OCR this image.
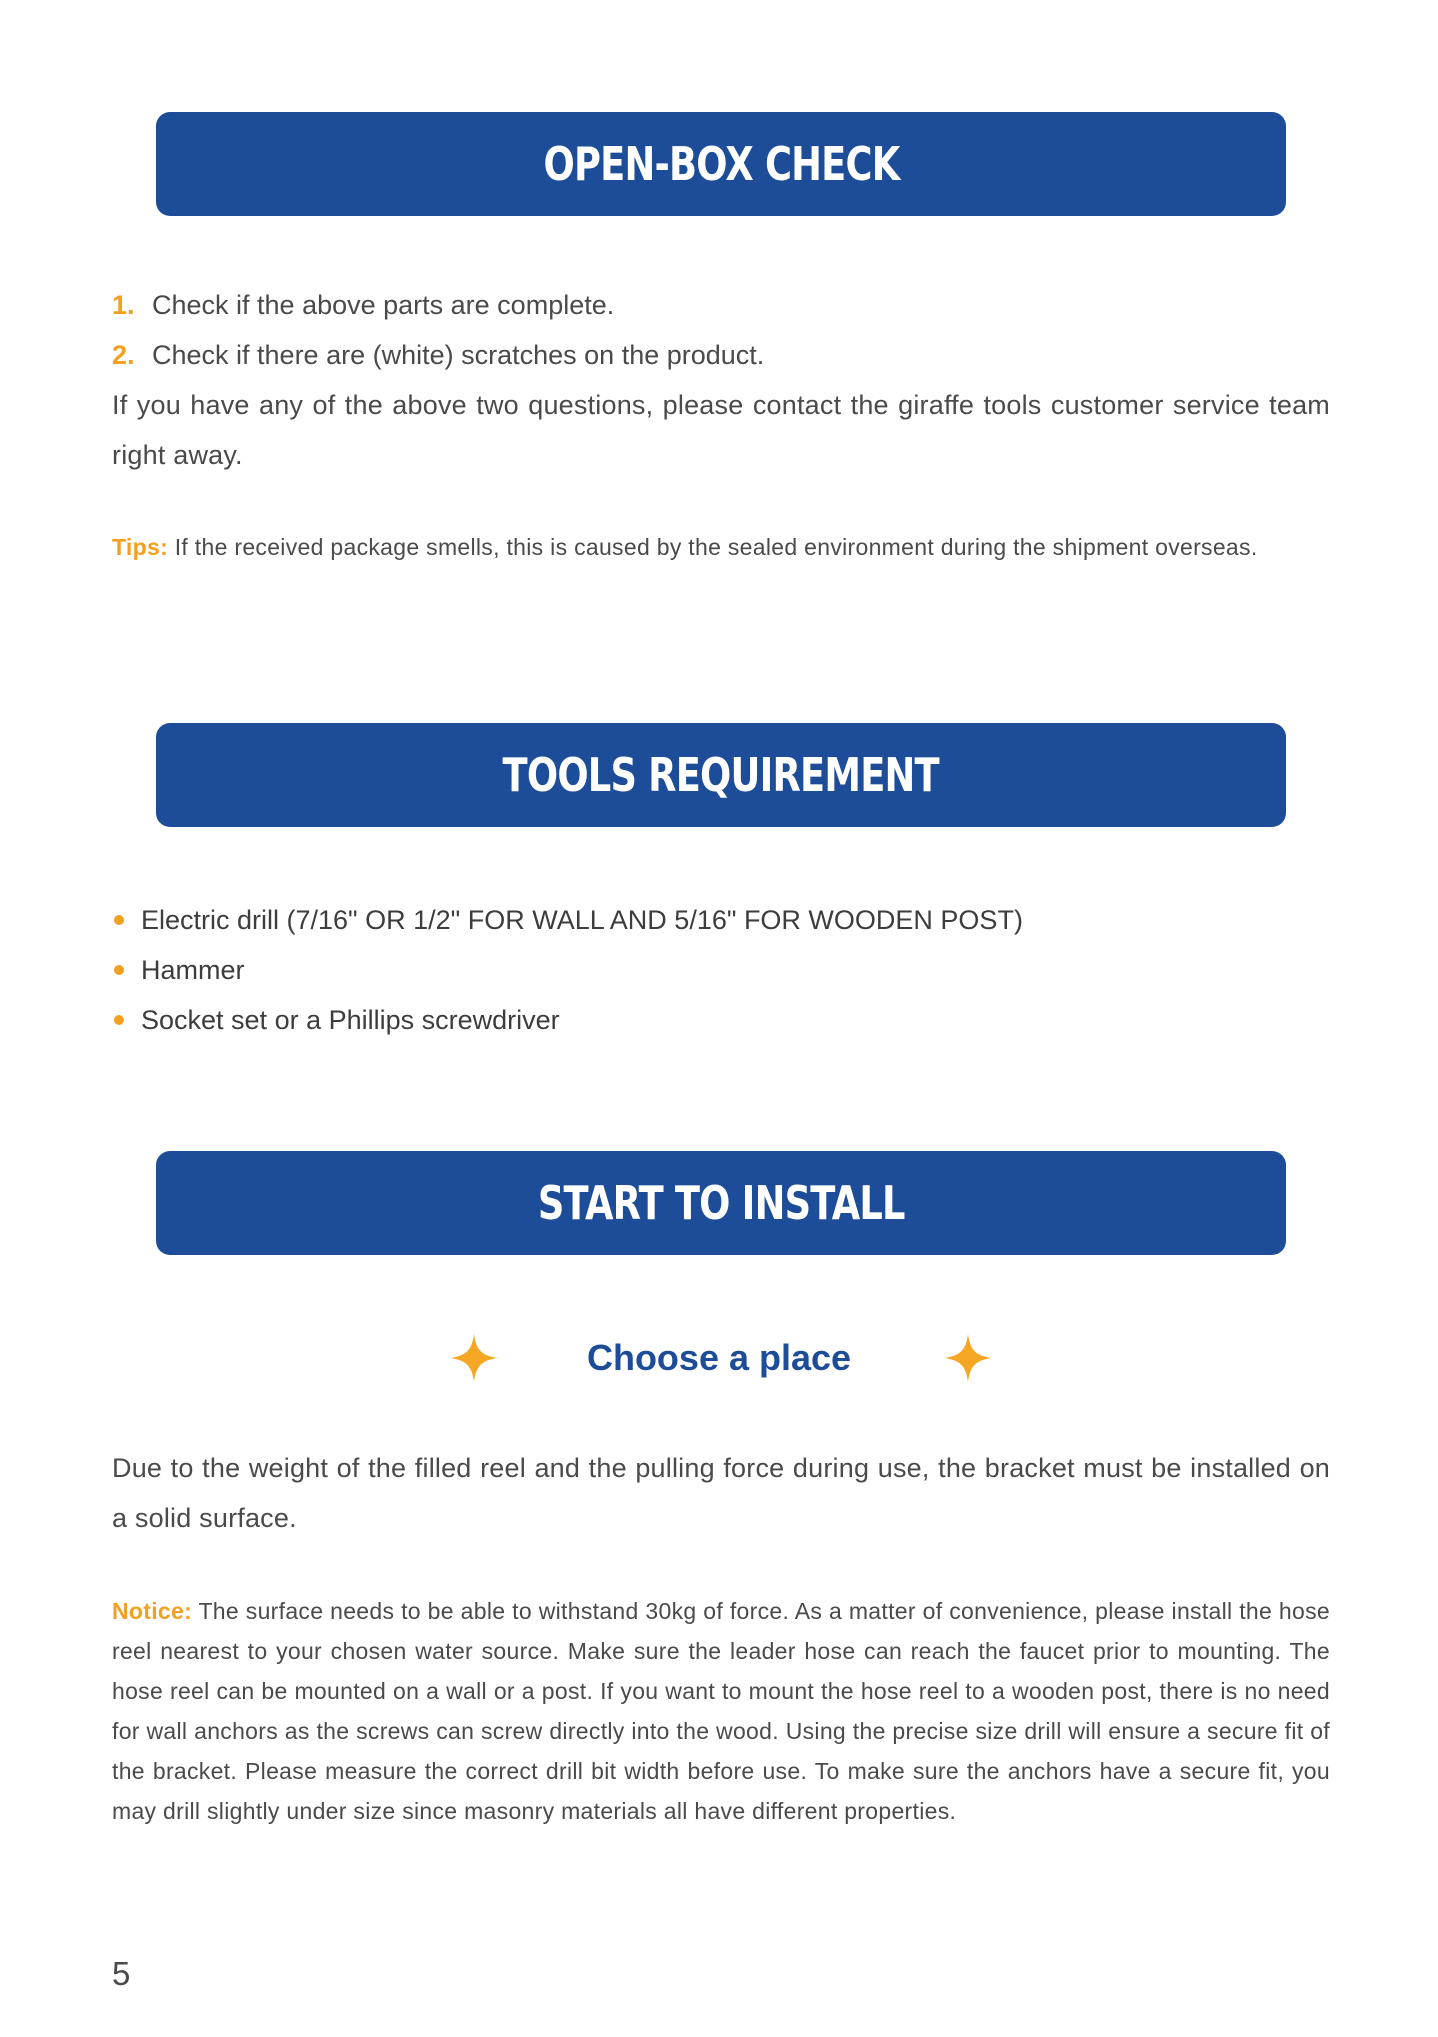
OPEN-BOX CHECK
1. Check if the above parts are complete.
2. Check if there are (white) scratches on the product.
If you have any of the above two questions, please contact the giraffe tools customer service team right away.
Tips: If the received package smells, this is caused by the sealed environment during the shipment overseas.
TOOLS REQUIREMENT
Electric drill (7/16" OR 1/2" FOR WALL AND 5/16" FOR WOODEN POST)
Hammer
Socket set or a Phillips screwdriver
START TO INSTALL
Choose a place
Due to the weight of the filled reel and the pulling force during use, the bracket must be installed on a solid surface.
Notice: The surface needs to be able to withstand 30kg of force. As a matter of convenience, please install the hose reel nearest to your chosen water source. Make sure the leader hose can reach the faucet prior to mounting. The hose reel can be mounted on a wall or a post. If you want to mount the hose reel to a wooden post, there is no need for wall anchors as the screws can screw directly into the wood. Using the precise size drill will ensure a secure fit of the bracket. Please measure the correct drill bit width before use. To make sure the anchors have a secure fit, you may drill slightly under size since masonry materials all have different properties.
5
